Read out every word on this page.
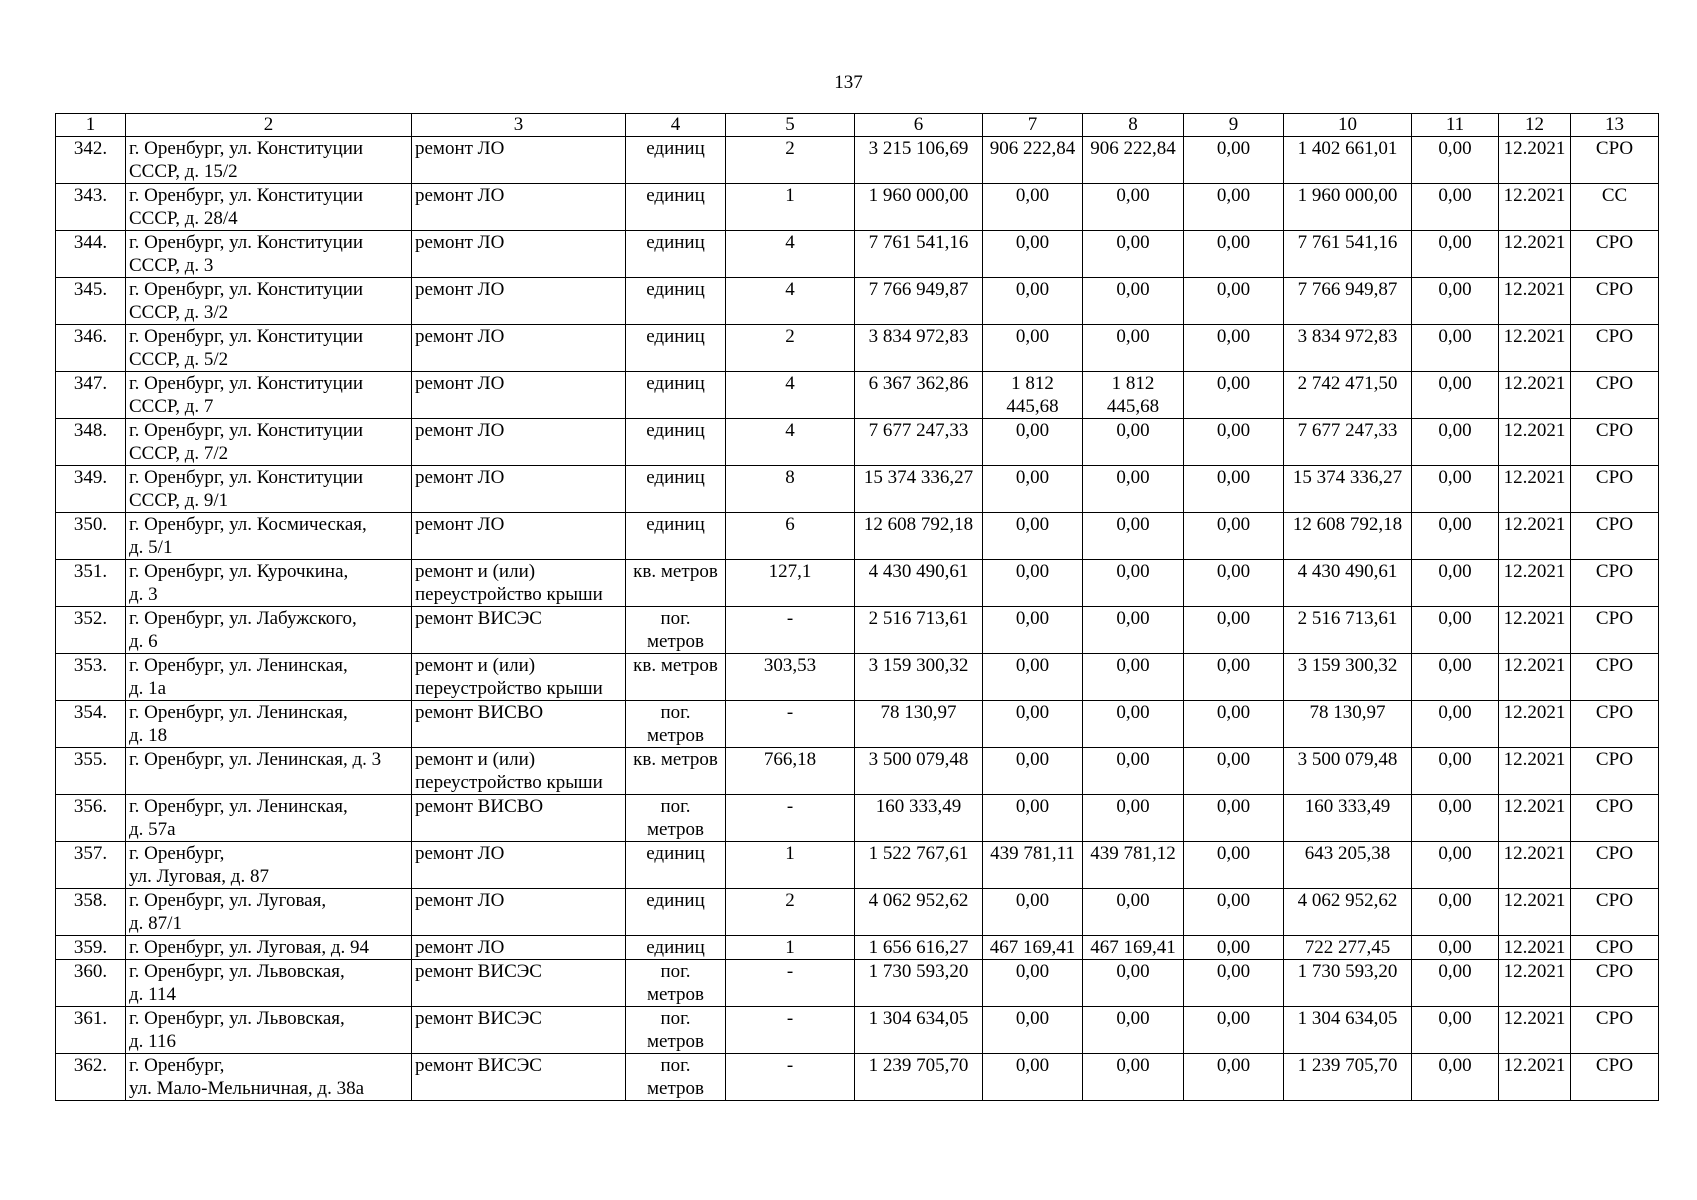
137
1	2	3	4	5	6	7	8	9	10	11	12	13
342.	г. Оренбург, ул. Конституции
СССР, д. 15/2	ремонт ЛО	единиц	2	3 215 106,69	906 222,84	906 222,84	0,00	1 402 661,01	0,00	12.2021	СРО
343.	г. Оренбург, ул. Конституции
СССР, д. 28/4	ремонт ЛО	единиц	1	1 960 000,00	0,00	0,00	0,00	1 960 000,00	0,00	12.2021	СС
344.	г. Оренбург, ул. Конституции
СССР, д. 3	ремонт ЛО	единиц	4	7 761 541,16	0,00	0,00	0,00	7 761 541,16	0,00	12.2021	СРО
345.	г. Оренбург, ул. Конституции
СССР, д. 3/2	ремонт ЛО	единиц	4	7 766 949,87	0,00	0,00	0,00	7 766 949,87	0,00	12.2021	СРО
346.	г. Оренбург, ул. Конституции
СССР, д. 5/2	ремонт ЛО	единиц	2	3 834 972,83	0,00	0,00	0,00	3 834 972,83	0,00	12.2021	СРО
347.	г. Оренбург, ул. Конституции
СССР, д. 7	ремонт ЛО	единиц	4	6 367 362,86	1 812 445,68	1 812 445,68	0,00	2 742 471,50	0,00	12.2021	СРО
348.	г. Оренбург, ул. Конституции
СССР, д. 7/2	ремонт ЛО	единиц	4	7 677 247,33	0,00	0,00	0,00	7 677 247,33	0,00	12.2021	СРО
349.	г. Оренбург, ул. Конституции
СССР, д. 9/1	ремонт ЛО	единиц	8	15 374 336,27	0,00	0,00	0,00	15 374 336,27	0,00	12.2021	СРО
350.	г. Оренбург, ул. Космическая,
д. 5/1	ремонт ЛО	единиц	6	12 608 792,18	0,00	0,00	0,00	12 608 792,18	0,00	12.2021	СРО
351.	г. Оренбург, ул. Курочкина,
д. 3	ремонт и (или)
переустройство крыши	кв. метров	127,1	4 430 490,61	0,00	0,00	0,00	4 430 490,61	0,00	12.2021	СРО
352.	г. Оренбург, ул. Лабужского,
д. 6	ремонт ВИСЭС	пог.
метров	-	2 516 713,61	0,00	0,00	0,00	2 516 713,61	0,00	12.2021	СРО
353.	г. Оренбург, ул. Ленинская,
д. 1а	ремонт и (или)
переустройство крыши	кв. метров	303,53	3 159 300,32	0,00	0,00	0,00	3 159 300,32	0,00	12.2021	СРО
354.	г. Оренбург, ул. Ленинская,
д. 18	ремонт ВИСВО	пог.
метров	-	78 130,97	0,00	0,00	0,00	78 130,97	0,00	12.2021	СРО
355.	г. Оренбург, ул. Ленинская, д. 3	ремонт и (или)
переустройство крыши	кв. метров	766,18	3 500 079,48	0,00	0,00	0,00	3 500 079,48	0,00	12.2021	СРО
356.	г. Оренбург, ул. Ленинская,
д. 57а	ремонт ВИСВО	пог.
метров	-	160 333,49	0,00	0,00	0,00	160 333,49	0,00	12.2021	СРО
357.	г. Оренбург,
ул. Луговая, д. 87	ремонт ЛО	единиц	1	1 522 767,61	439 781,11	439 781,12	0,00	643 205,38	0,00	12.2021	СРО
358.	г. Оренбург, ул. Луговая,
д. 87/1	ремонт ЛО	единиц	2	4 062 952,62	0,00	0,00	0,00	4 062 952,62	0,00	12.2021	СРО
359.	г. Оренбург, ул. Луговая, д. 94	ремонт ЛО	единиц	1	1 656 616,27	467 169,41	467 169,41	0,00	722 277,45	0,00	12.2021	СРО
360.	г. Оренбург, ул. Львовская,
д. 114	ремонт ВИСЭС	пог.
метров	-	1 730 593,20	0,00	0,00	0,00	1 730 593,20	0,00	12.2021	СРО
361.	г. Оренбург, ул. Львовская,
д. 116	ремонт ВИСЭС	пог.
метров	-	1 304 634,05	0,00	0,00	0,00	1 304 634,05	0,00	12.2021	СРО
362.	г. Оренбург,
ул. Мало-Мельничная, д. 38а	ремонт ВИСЭС	пог.
метров	-	1 239 705,70	0,00	0,00	0,00	1 239 705,70	0,00	12.2021	СРО
